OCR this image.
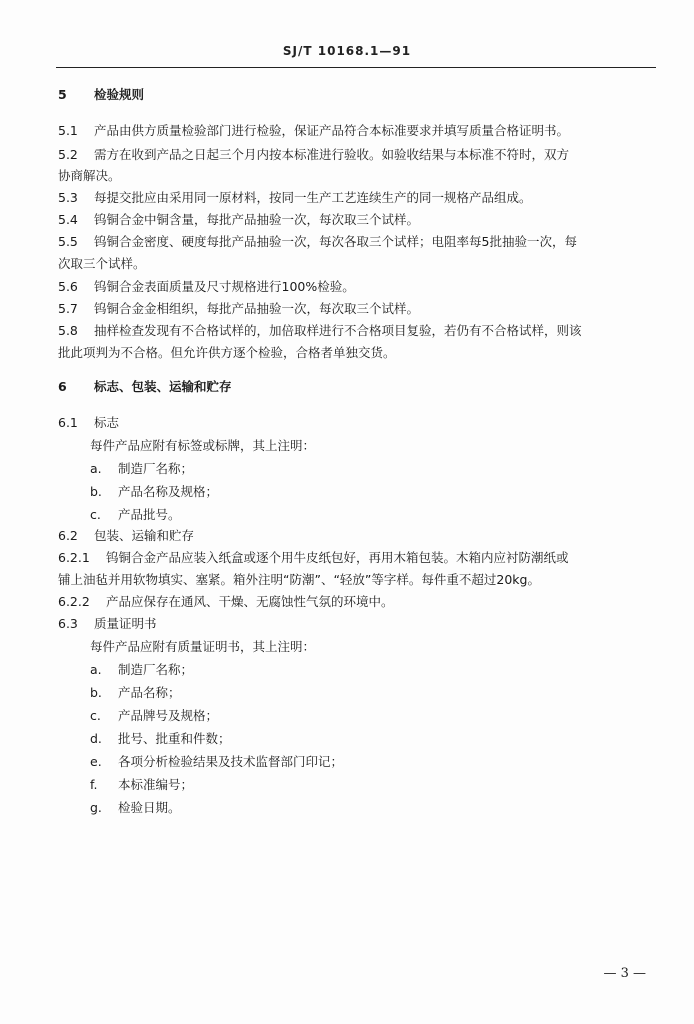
SJ/T 10168.1—91
5 检验规则
5.1 产品由供方质量检验部门进行检验，保证产品符合本标准要求并填写质量合格证明书。
5.2 需方在收到产品之日起三个月内按本标准进行验收。如验收结果与本标准不符时，双方
协商解决。
5.3 每提交批应由采用同一原材料，按同一生产工艺连续生产的同一规格产品组成。
5.4 钨铜合金中铜含量，每批产品抽验一次，每次取三个试样。
5.5 钨铜合金密度、硬度每批产品抽验一次，每次各取三个试样；电阻率每5批抽验一次，每
次取三个试样。
5.6 钨铜合金表面质量及尺寸规格进行100%检验。
5.7 钨铜合金金相组织，每批产品抽验一次，每次取三个试样。
5.8 抽样检查发现有不合格试样的，加倍取样进行不合格项目复验，若仍有不合格试样，则该
批此项判为不合格。但允许供方逐个检验，合格者单独交货。
6 标志、包装、运输和贮存
6.1 标志
每件产品应附有标签或标牌，其上注明：
a. 制造厂名称；
b. 产品名称及规格；
c. 产品批号。
6.2 包装、运输和贮存
6.2.1 钨铜合金产品应装入纸盒或逐个用牛皮纸包好，再用木箱包装。木箱内应衬防潮纸或
铺上油毡并用软物填实、塞紧。箱外注明“防潮”、“轻放”等字样。每件重不超过20kg。
6.2.2 产品应保存在通风、干燥、无腐蚀性气氛的环境中。
6.3 质量证明书
每件产品应附有质量证明书，其上注明：
a. 制造厂名称；
b. 产品名称；
c. 产品牌号及规格；
d. 批号、批重和件数；
e. 各项分析检验结果及技术监督部门印记；
f. 本标准编号；
g. 检验日期。
— 3 —
